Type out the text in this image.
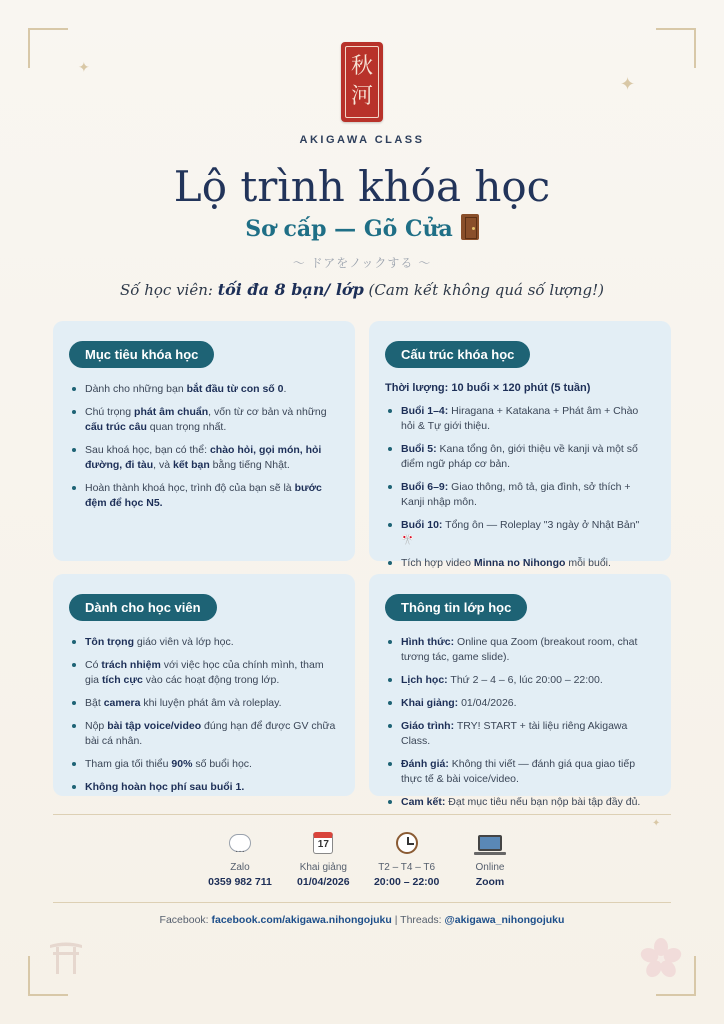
✦
✦
✦
秋
河
AKIGAWA CLASS
Lộ trình khóa học
Sơ cấp — Gõ Cửa
〜 ドアをノックする 〜
Số học viên: tối đa 8 bạn/ lớp (Cam kết không quá số lượng!)
Mục tiêu khóa học
Dành cho những bạn bắt đầu từ con số 0.
Chú trọng phát âm chuẩn, vốn từ cơ bản và những cấu trúc câu quan trọng nhất.
Sau khoá học, bạn có thể: chào hỏi, gọi món, hỏi đường, đi tàu, và kết bạn bằng tiếng Nhật.
Hoàn thành khoá học, trình độ của bạn sẽ là bước đệm để học N5.
Cấu trúc khóa học
Thời lượng: 10 buổi × 120 phút (5 tuần)
Buổi 1–4: Hiragana + Katakana + Phát âm + Chào hỏi & Tự giới thiệu.
Buổi 5: Kana tổng ôn, giới thiệu về kanji và một số điểm ngữ pháp cơ bản.
Buổi 6–9: Giao thông, mô tả, gia đình, sở thích + Kanji nhập môn.
Buổi 10: Tổng ôn — Roleplay "3 ngày ở Nhật Bản" 🎌
Tích hợp video Minna no Nihongo mỗi buổi.
Dành cho học viên
Tôn trọng giáo viên và lớp học.
Có trách nhiệm với việc học của chính mình, tham gia tích cực vào các hoạt động trong lớp.
Bật camera khi luyện phát âm và roleplay.
Nộp bài tập voice/video đúng hạn để được GV chữa bài cá nhân.
Tham gia tối thiểu 90% số buổi học.
Không hoàn học phí sau buổi 1.
Thông tin lớp học
Hình thức: Online qua Zoom (breakout room, chat tương tác, game slide).
Lịch học: Thứ 2 – 4 – 6, lúc 20:00 – 22:00.
Khai giảng: 01/04/2026.
Giáo trình: TRY! START + tài liệu riêng Akigawa Class.
Đánh giá: Không thi viết — đánh giá qua giao tiếp thực tế & bài voice/video.
Cam kết: Đạt mục tiêu nếu bạn nộp bài tập đầy đủ.
···
Zalo
0359 982 711
17
Khai giảng
01/04/2026
T2 – T4 – T6
20:00 – 22:00
Online
Zoom
Facebook: facebook.com/akigawa.nihongojuku | Threads: @akigawa_nihongojuku
